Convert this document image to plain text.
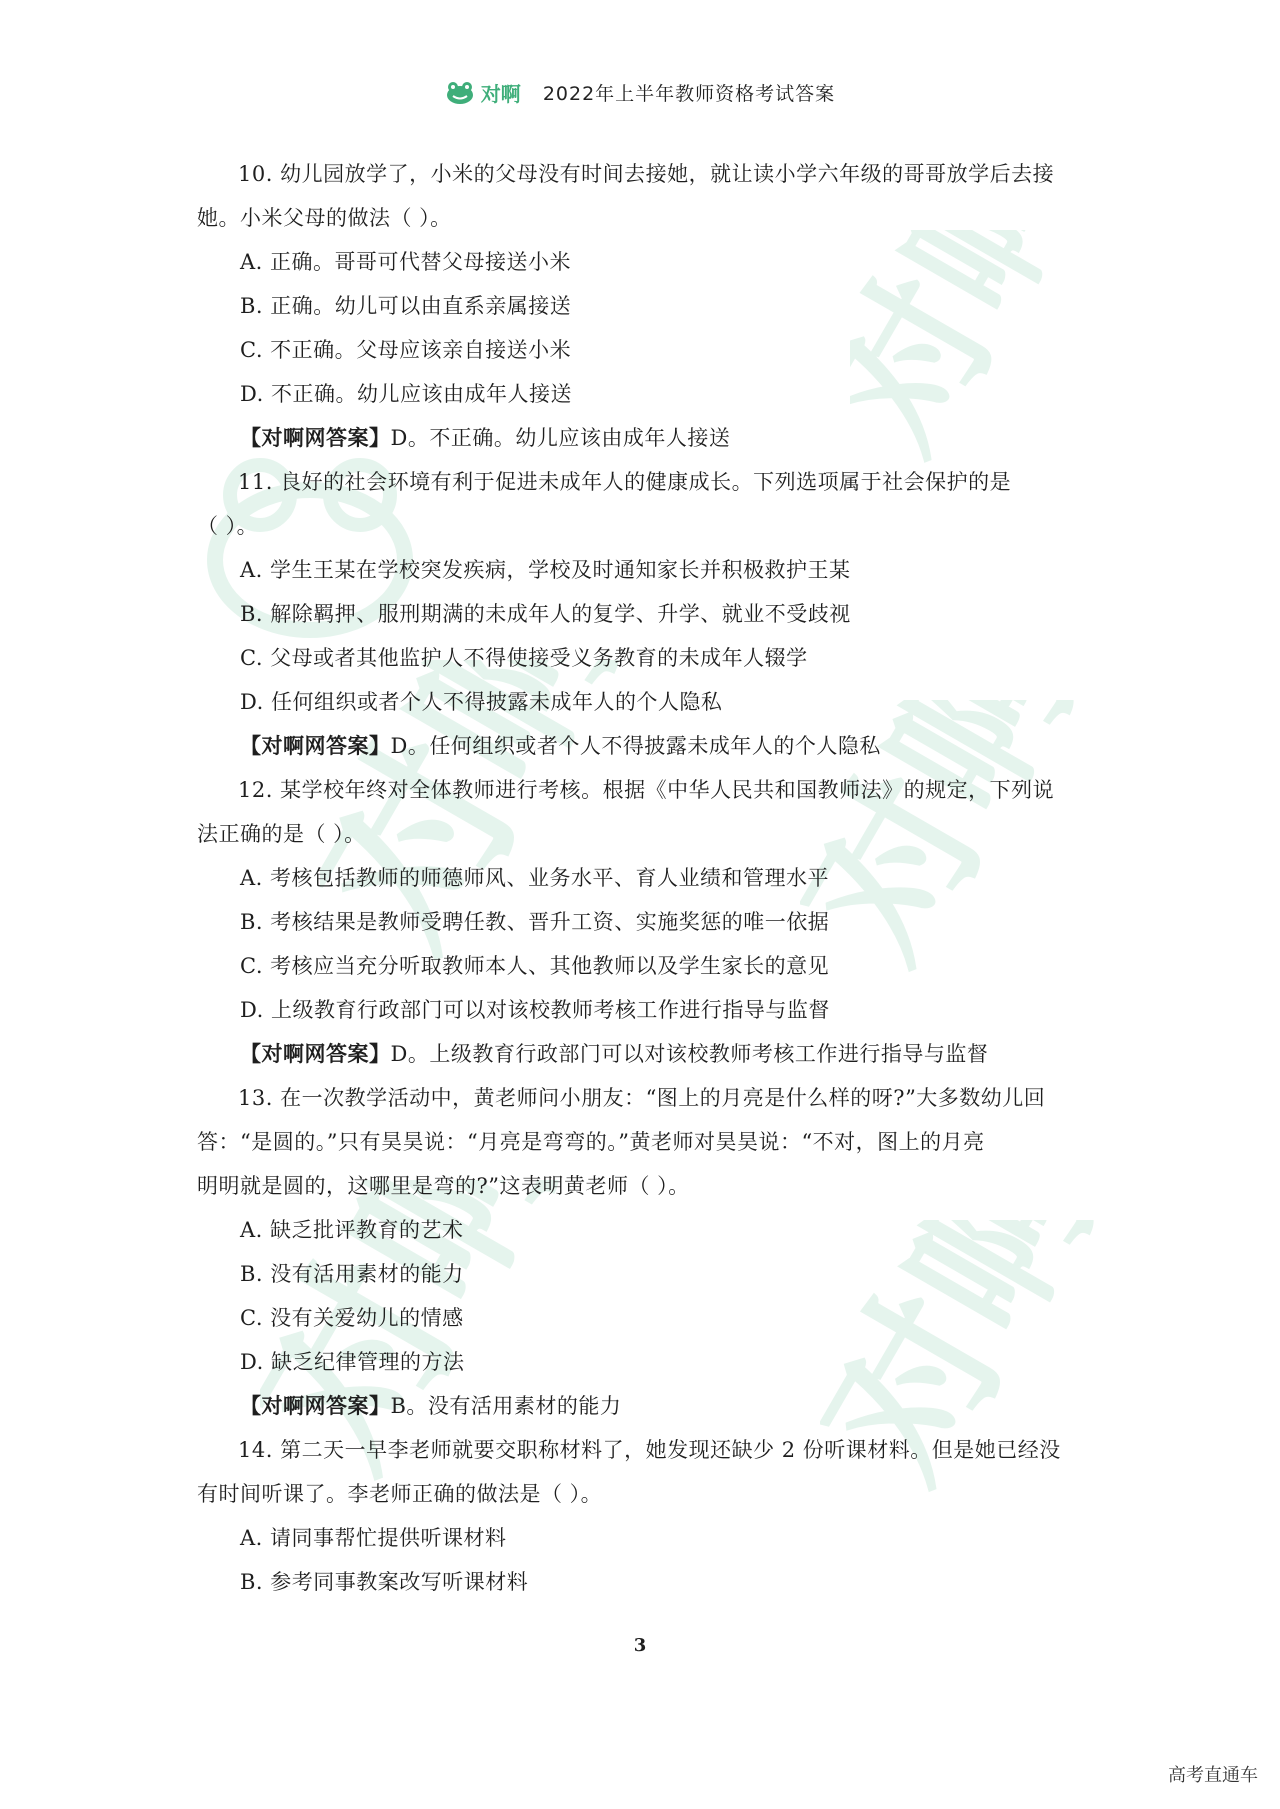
对啊
对啊 对啊
对啊 对啊
对啊 2022年上半年教师资格考试答案
10. 幼儿园放学了，小米的父母没有时间去接她，就让读小学六年级的哥哥放学后去接
她。小米父母的做法（ ）。
A. 正确。哥哥可代替父母接送小米
B. 正确。幼儿可以由直系亲属接送
C. 不正确。父母应该亲自接送小米
D. 不正确。幼儿应该由成年人接送
【对啊网答案】D。不正确。幼儿应该由成年人接送
11. 良好的社会环境有利于促进未成年人的健康成长。下列选项属于社会保护的是
（ ）。
A. 学生王某在学校突发疾病，学校及时通知家长并积极救护王某
B. 解除羁押、服刑期满的未成年人的复学、升学、就业不受歧视
C. 父母或者其他监护人不得使接受义务教育的未成年人辍学
D. 任何组织或者个人不得披露未成年人的个人隐私
【对啊网答案】D。任何组织或者个人不得披露未成年人的个人隐私
12. 某学校年终对全体教师进行考核。根据《中华人民共和国教师法》的规定，下列说
法正确的是（ ）。
A. 考核包括教师的师德师风、业务水平、育人业绩和管理水平
B. 考核结果是教师受聘任教、晋升工资、实施奖惩的唯一依据
C. 考核应当充分听取教师本人、其他教师以及学生家长的意见
D. 上级教育行政部门可以对该校教师考核工作进行指导与监督
【对啊网答案】D。上级教育行政部门可以对该校教师考核工作进行指导与监督
13. 在一次教学活动中，黄老师问小朋友：“图上的月亮是什么样的呀?”大多数幼儿回
答：“是圆的。”只有昊昊说：“月亮是弯弯的。”黄老师对昊昊说：“不对，图上的月亮
明明就是圆的，这哪里是弯的?”这表明黄老师（ ）。
A. 缺乏批评教育的艺术
B. 没有活用素材的能力
C. 没有关爱幼儿的情感
D. 缺乏纪律管理的方法
【对啊网答案】B。没有活用素材的能力
14. 第二天一早李老师就要交职称材料了，她发现还缺少 2 份听课材料。但是她已经没
有时间听课了。李老师正确的做法是（ ）。
A. 请同事帮忙提供听课材料
B. 参考同事教案改写听课材料
3
高考直通车
